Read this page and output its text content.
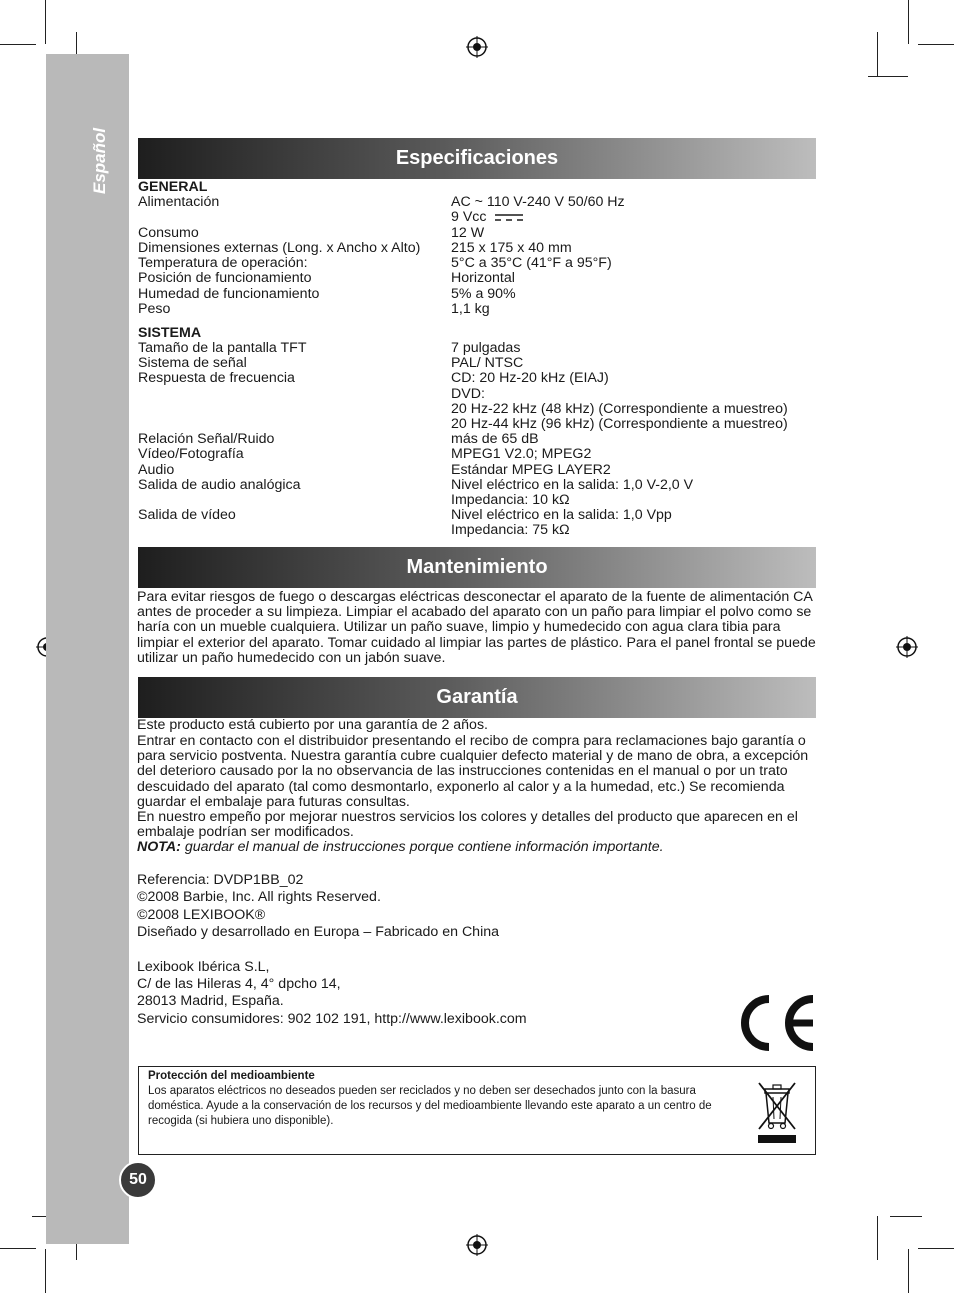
Español
50
Especificaciones
GENERAL
Alimentación	AC ~ 110 V-240 V 50/60 Hz
9 Vcc
Consumo	12 W
Dimensiones externas (Long. x Ancho x Alto) 215 x 175 x 40 mm
Temperatura de operación:	5°C a 35°C (41°F a 95°F)
Posición de funcionamiento	Horizontal
Humedad de funcionamiento	5% a 90%
Peso	1,1 kg
SISTEMA
Tamaño de la pantalla TFT	7 pulgadas
Sistema de señal	PAL/ NTSC
Respuesta de frecuencia	CD: 20 Hz-20 kHz (EIAJ)
DVD:
20 Hz-22 kHz (48 kHz) (Correspondiente a muestreo)
20 Hz-44 kHz (96 kHz) (Correspondiente a muestreo)
Relación Señal/Ruido	más de 65 dB
Vídeo/Fotografía	MPEG1 V2.0; MPEG2
Audio	Estándar MPEG LAYER2
Salida de audio analógica	Nivel eléctrico en la salida: 1,0 V-2,0 V
Impedancia: 10 kΩ
Salida de vídeo	Nivel eléctrico en la salida: 1,0 Vpp
Impedancia: 75 kΩ
Mantenimiento
Para evitar riesgos de fuego o descargas eléctricas desconectar el aparato de la fuente de alimentación CA antes de proceder a su limpieza. Limpiar el acabado del aparato con un paño para limpiar el polvo como se haría con un mueble cualquiera. Utilizar un paño suave, limpio y humedecido con agua clara tibia para limpiar el exterior del aparato. Tomar cuidado al limpiar las partes de plástico. Para el panel frontal se puede utilizar un paño humedecido con un jabón suave.
Garantía
Este producto está cubierto por una garantía de 2 años.
Entrar en contacto con el distribuidor presentando el recibo de compra para reclamaciones bajo garantía o para servicio postventa. Nuestra garantía cubre cualquier defecto material y de mano de obra, a excepción del deterioro causado por la no observancia de las instrucciones contenidas en el manual o por un trato descuidado del aparato (tal como desmontarlo, exponerlo al calor y a la humedad, etc.) Se recomienda guardar el embalaje para futuras consultas.
En nuestro empeño por mejorar nuestros servicios los colores y detalles del producto que aparecen en el embalaje podrían ser modificados.
NOTA: guardar el manual de instrucciones porque contiene información importante.
Referencia: DVDP1BB_02
©2008 Barbie, Inc. All rights Reserved.
©2008 LEXIBOOK®
Diseñado y desarrollado en Europa – Fabricado en China
Lexibook Ibérica S.L,
C/ de las Hileras 4, 4° dpcho 14,
28013 Madrid, España.
Servicio consumidores: 902 102 191, http://www.lexibook.com
Protección del medioambiente
Los aparatos eléctricos no deseados pueden ser reciclados y no deben ser desechados junto con la basura doméstica. Ayude a la conservación de los recursos y del medioambiente llevando este aparato a un centro de recogida (si hubiera uno disponible).
